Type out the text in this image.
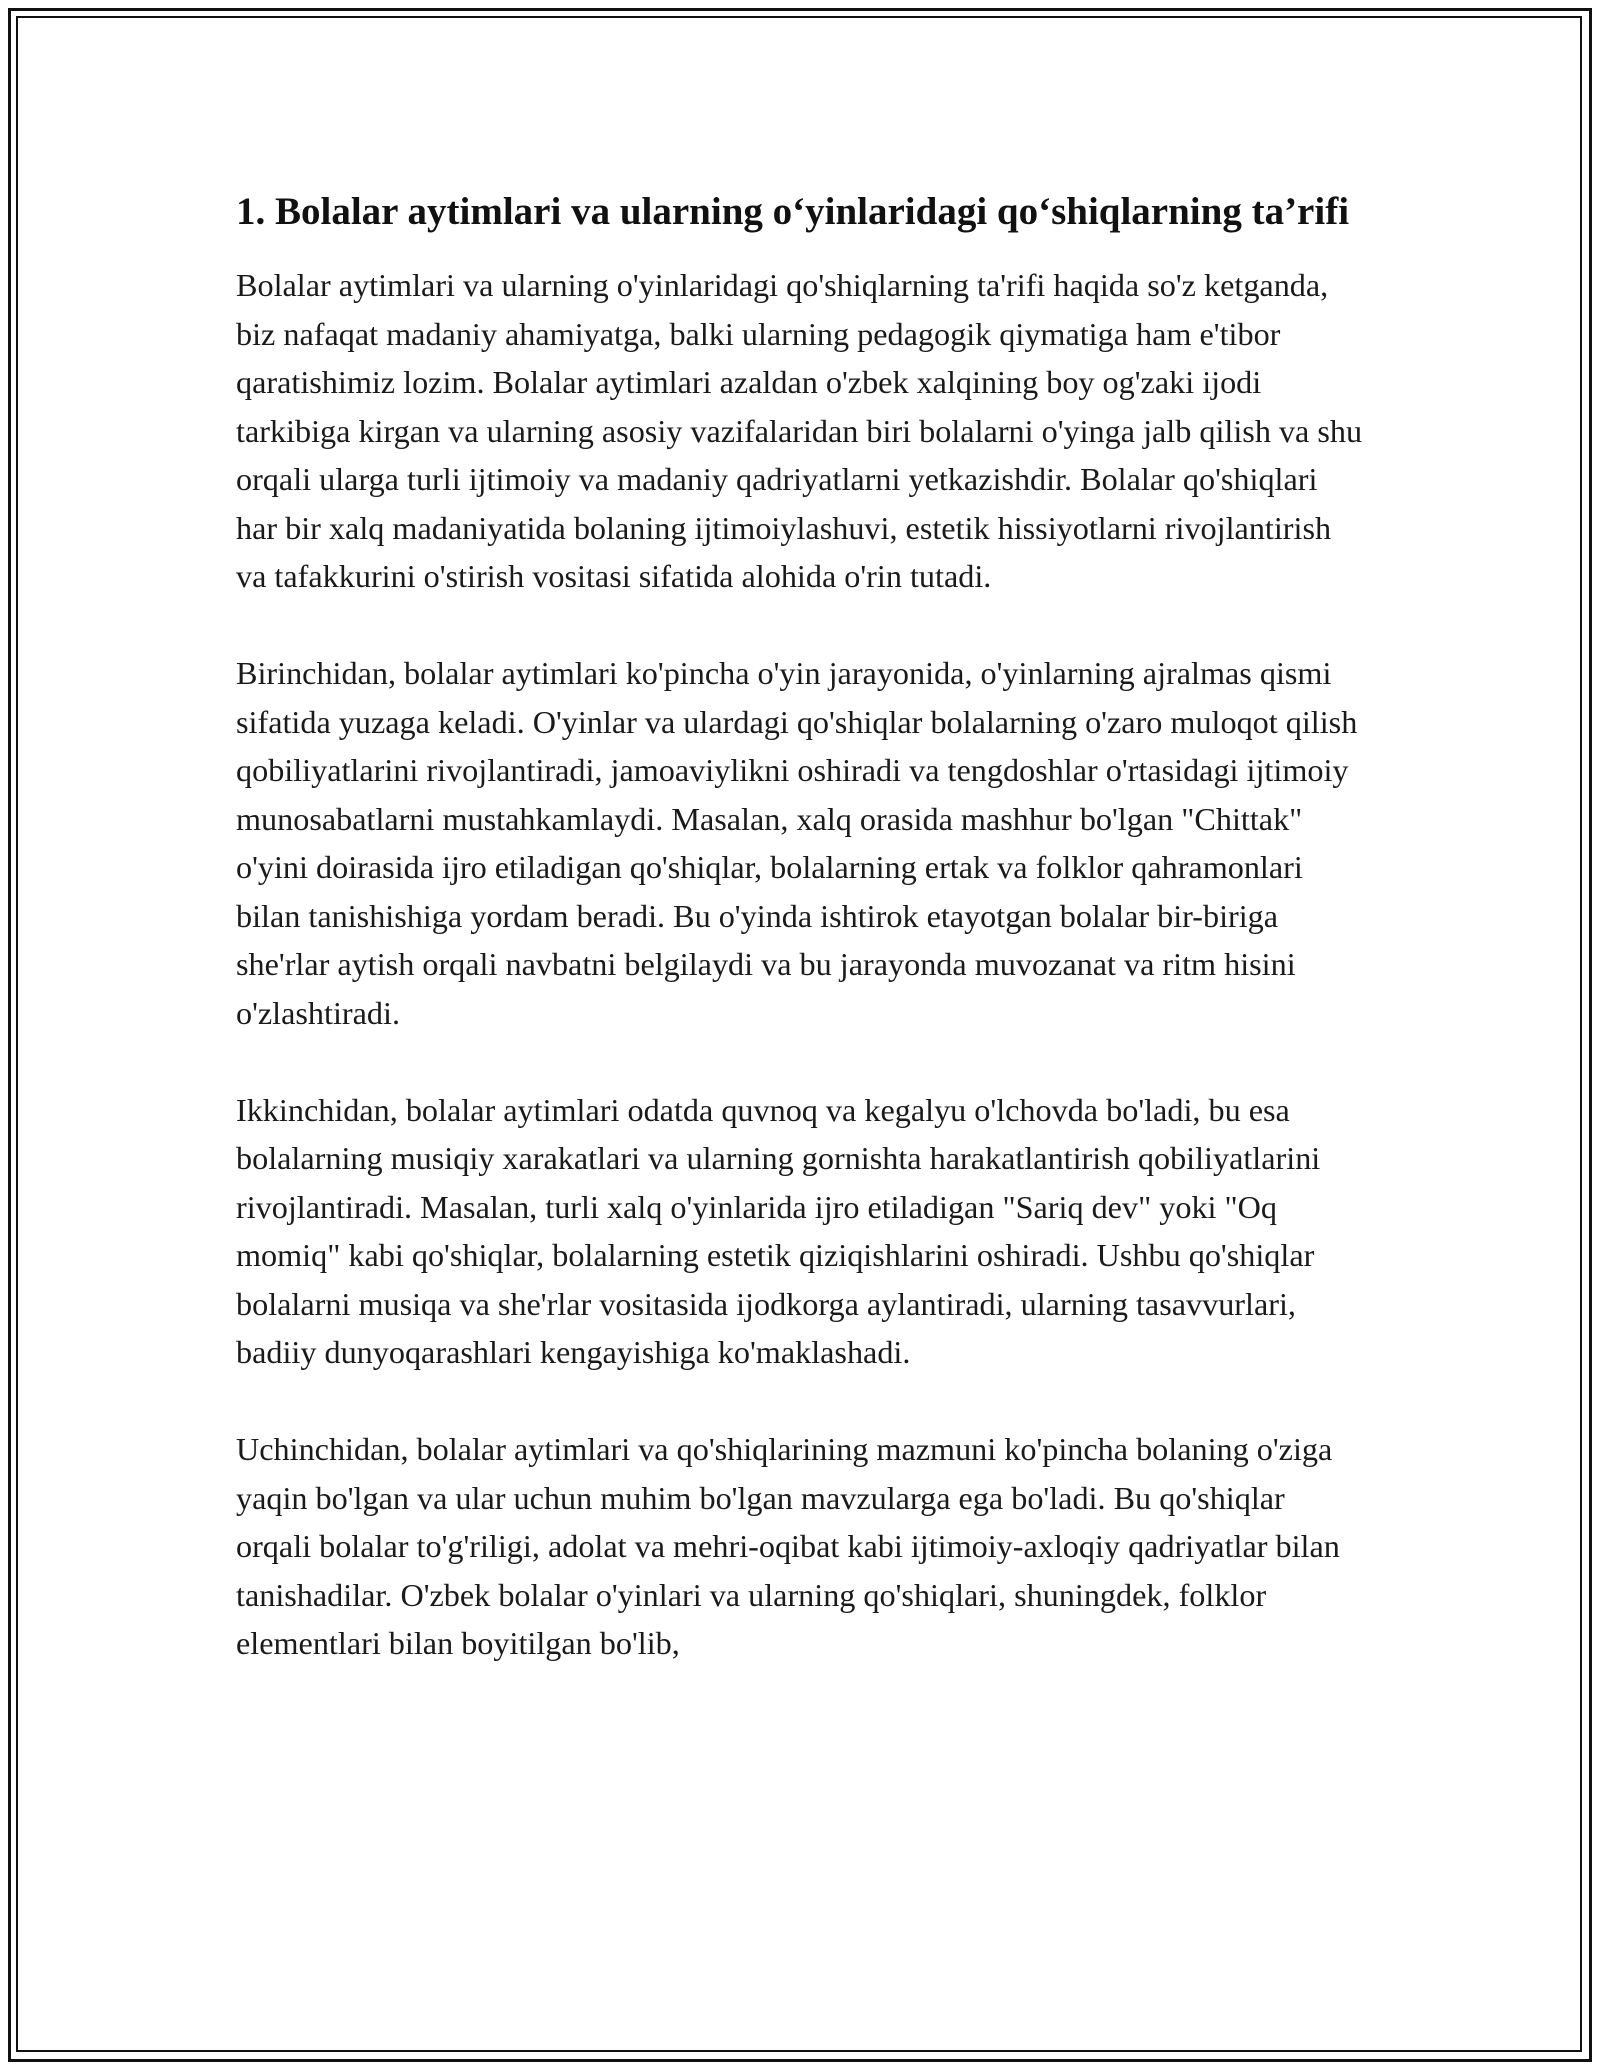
1. Bolalar aytimlari va ularning o‘yinlaridagi qo‘shiqlarning ta’rifi

Bolalar aytimlari va ularning o'yinlaridagi qo'shiqlarning ta'rifi haqida so'z ketganda, biz nafaqat madaniy ahamiyatga, balki ularning pedagogik qiymatiga ham e'tibor qaratishimiz lozim. Bolalar aytimlari azaldan o'zbek xalqining boy og'zaki ijodi tarkibiga kirgan va ularning asosiy vazifalaridan biri bolalarni o'yinga jalb qilish va shu orqali ularga turli ijtimoiy va madaniy qadriyatlarni yetkazishdir. Bolalar qo'shiqlari har bir xalq madaniyatida bolaning ijtimoiylashuvi, estetik hissiyotlarni rivojlantirish va tafakkurini o'stirish vositasi sifatida alohida o'rin tutadi.

Birinchidan, bolalar aytimlari ko'pincha o'yin jarayonida, o'yinlarning ajralmas qismi sifatida yuzaga keladi. O'yinlar va ulardagi qo'shiqlar bolalarning o'zaro muloqot qilish qobiliyatlarini rivojlantiradi, jamoaviylikni oshiradi va tengdoshlar o'rtasidagi ijtimoiy munosabatlarni mustahkamlaydi. Masalan, xalq orasida mashhur bo'lgan "Chittak" o'yini doirasida ijro etiladigan qo'shiqlar, bolalarning ertak va folklor qahramonlari bilan tanishishiga yordam beradi. Bu o'yinda ishtirok etayotgan bolalar bir-biriga she'rlar aytish orqali navbatni belgilaydi va bu jarayonda muvozanat va ritm hisini o'zlashtiradi.

Ikkinchidan, bolalar aytimlari odatda quvnoq va kegalyu o'lchovda bo'ladi, bu esa bolalarning musiqiy xarakatlari va ularning gornishta harakatlantirish qobiliyatlarini rivojlantiradi. Masalan, turli xalq o'yinlarida ijro etiladigan "Sariq dev" yoki "Oq momiq" kabi qo'shiqlar, bolalarning estetik qiziqishlarini oshiradi. Ushbu qo'shiqlar bolalarni musiqa va she'rlar vositasida ijodkorga aylantiradi, ularning tasavvurlari, badiiy dunyoqarashlari kengayishiga ko'maklashadi.

Uchinchidan, bolalar aytimlari va qo'shiqlarining mazmuni ko'pincha bolaning o'ziga yaqin bo'lgan va ular uchun muhim bo'lgan mavzularga ega bo'ladi. Bu qo'shiqlar orqali bolalar to'g'riligi, adolat va mehri-oqibat kabi ijtimoiy-axloqiy qadriyatlar bilan tanishadilar. O'zbek bolalar o'yinlari va ularning qo'shiqlari, shuningdek, folklor elementlari bilan boyitilgan bo'lib,
